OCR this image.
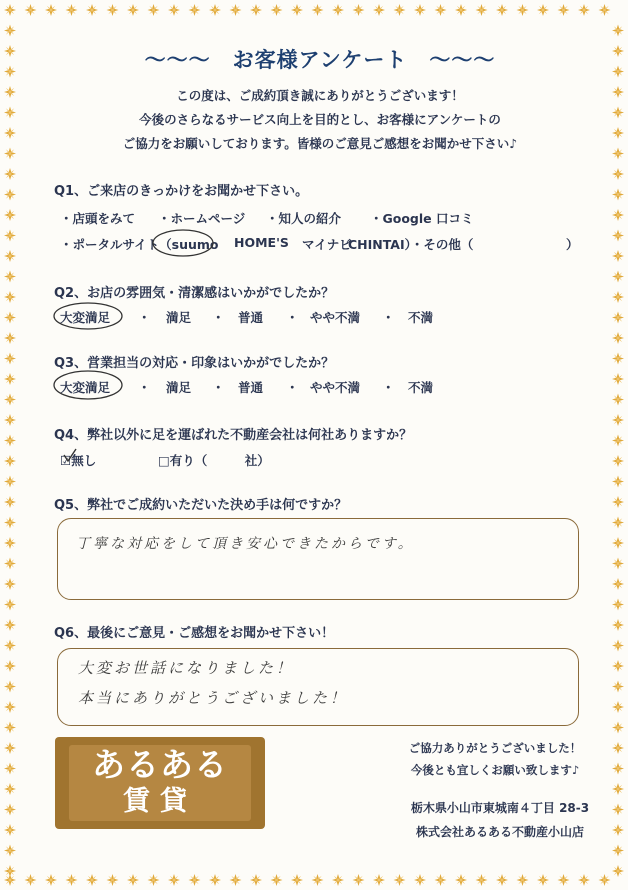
～～～　お客様アンケート　～～～
この度は、ご成約頂き誠にありがとうございます！
今後のさらなるサービス向上を目的とし、お客様にアンケートの
ご協力をお願いしております。皆様のご意見ご感想をお聞かせ下さい♪
Q1、ご来店のきっかけをお聞かせ下さい。
・店頭をみて ・ホームページ ・知人の紹介 ・Google 口コミ
・ポータルサイト（suumo HOME'S マイナビ
CHINTAI）・その他（	）
Q2、お店の雰囲気・清潔感はいかがでしたか？
大変満足 ・ 満足 ・ 普通 ・ やや不満 ・ 不満
Q3、営業担当の対応・印象はいかがでしたか？
大変満足 ・ 満足 ・ 普通 ・ やや不満 ・ 不満
Q4、弊社以外に足を運ばれた不動産会社は何社ありますか？
☑無し	□有り（　　　社）
Q5、弊社でご成約いただいた決め手は何ですか？
丁寧な対応をして頂き安心できたからです。
Q6、最後にご意見・ご感想をお聞かせ下さい！
大変お世話になりました！
本当にありがとうございました！
ご協力ありがとうございました！
今後とも宜しくお願い致します♪
栃木県小山市東城南４丁目 28-3
株式会社あるある不動産小山店
あるある
賃貸
